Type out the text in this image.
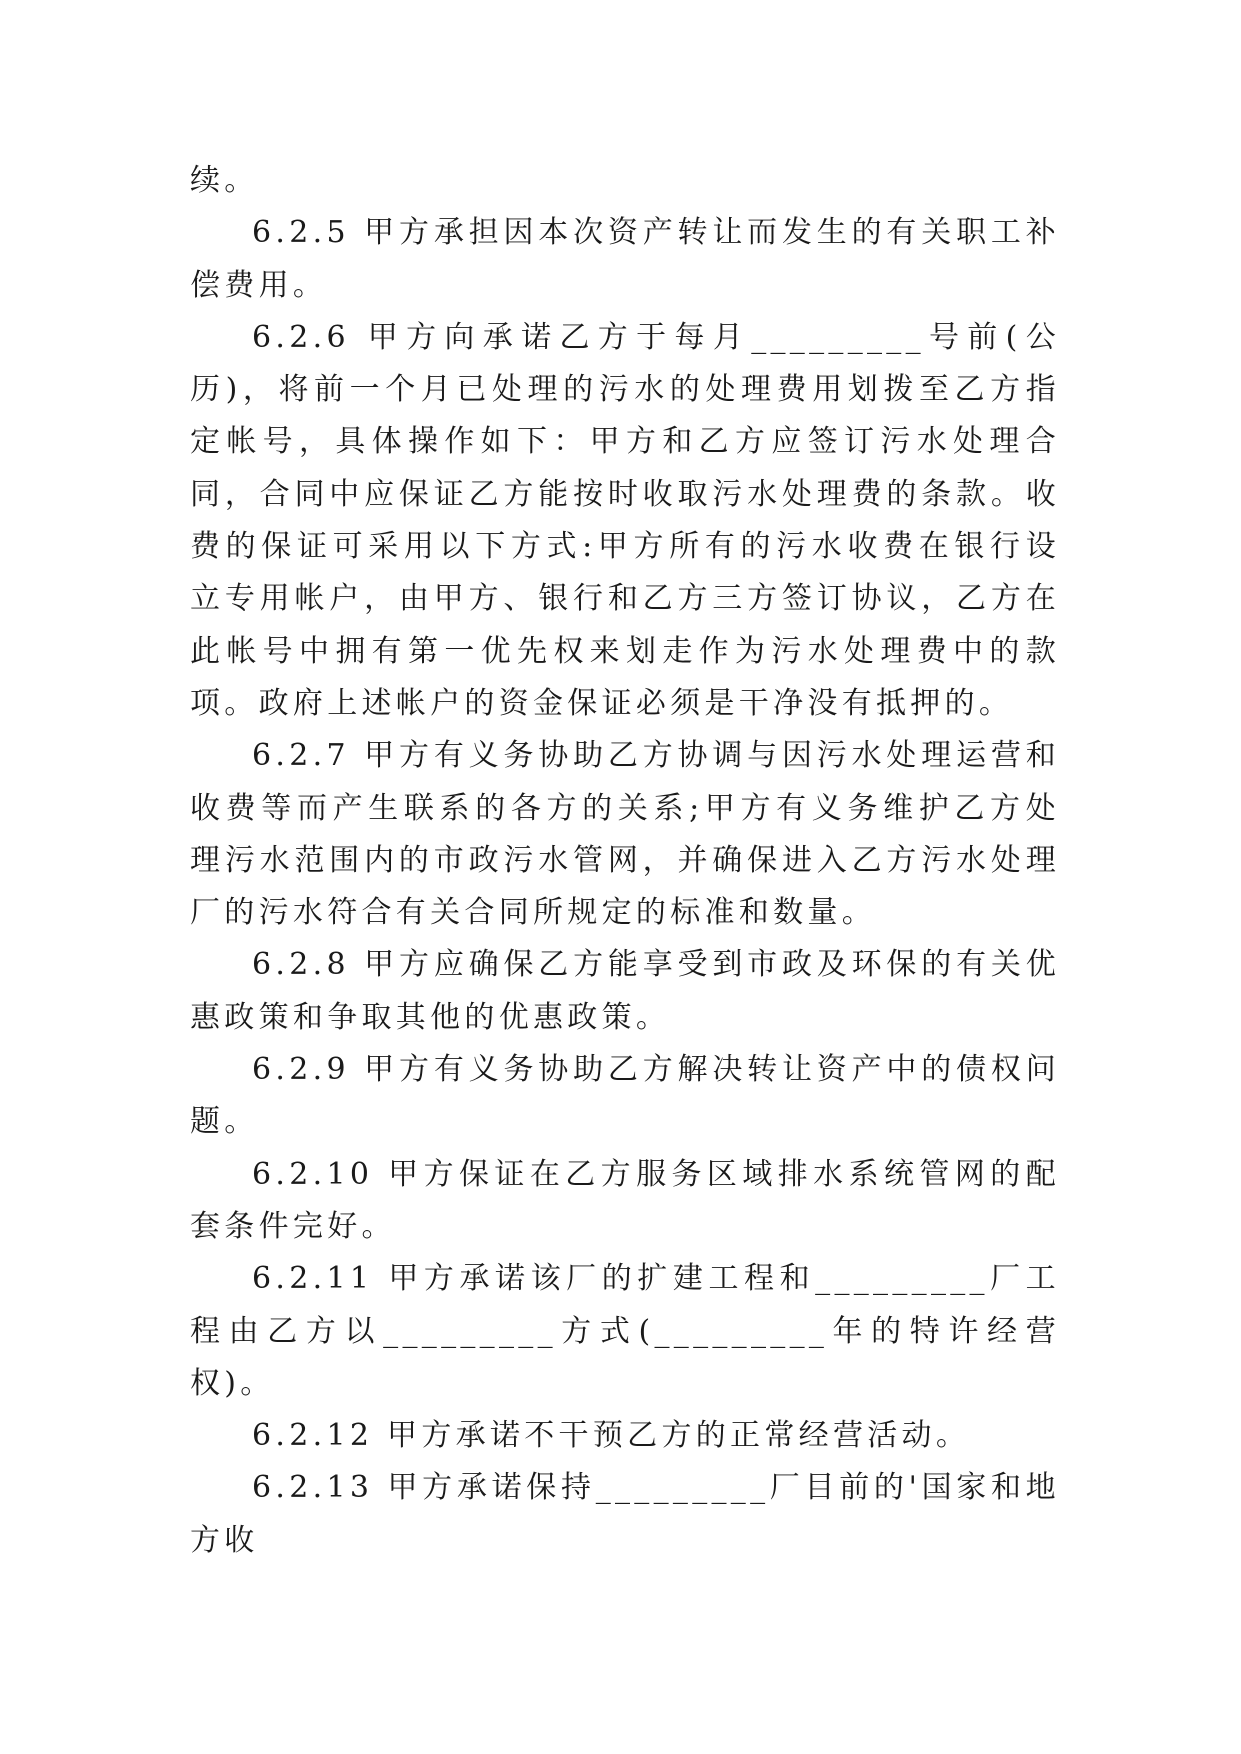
续。

6.2.5 甲方承担因本次资产转让而发生的有关职工补偿费用。

6.2.6 甲方向承诺乙方于每月_________号前(公历)，将前一个月已处理的污水的处理费用划拨至乙方指定帐号，具体操作如下：甲方和乙方应签订污水处理合同，合同中应保证乙方能按时收取污水处理费的条款。收费的保证可采用以下方式:甲方所有的污水收费在银行设立专用帐户，由甲方、银行和乙方三方签订协议，乙方在此帐号中拥有第一优先权来划走作为污水处理费中的款项。政府上述帐户的资金保证必须是干净没有抵押的。

6.2.7 甲方有义务协助乙方协调与因污水处理运营和收费等而产生联系的各方的关系;甲方有义务维护乙方处理污水范围内的市政污水管网，并确保进入乙方污水处理厂的污水符合有关合同所规定的标准和数量。

6.2.8 甲方应确保乙方能享受到市政及环保的有关优惠政策和争取其他的优惠政策。

6.2.9 甲方有义务协助乙方解决转让资产中的债权问题。

6.2.10 甲方保证在乙方服务区域排水系统管网的配套条件完好。

6.2.11 甲方承诺该厂的扩建工程和_________厂工程由乙方以_________方式(_________年的特许经营权)。

6.2.12 甲方承诺不干预乙方的正常经营活动。

6.2.13 甲方承诺保持_________厂目前的'国家和地方收
